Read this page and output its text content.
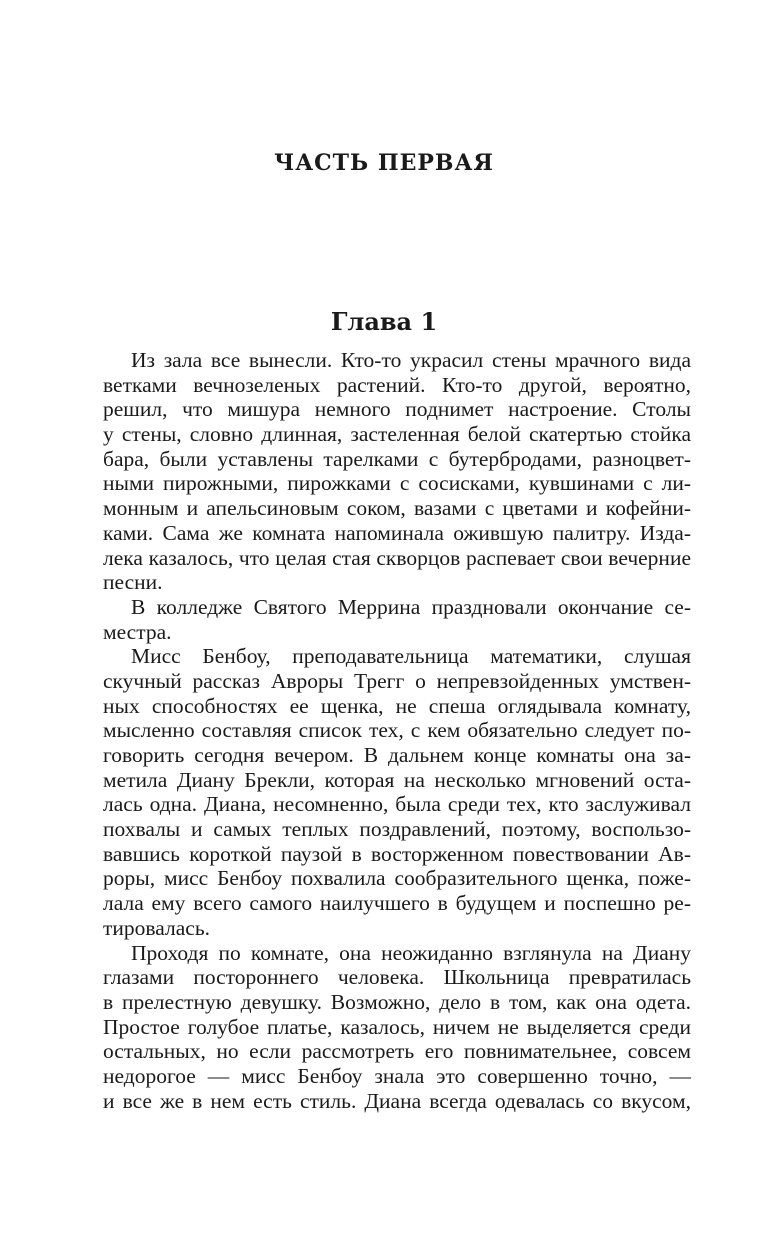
ЧАСТЬ ПЕРВАЯ
Глава 1
Из зала все вынесли. Кто-то украсил стены мрачного вида
ветками вечнозеленых растений. Кто-то другой, вероятно,
решил, что мишура немного поднимет настроение. Столы
у стены, словно длинная, застеленная белой скатертью стойка
бара, были уставлены тарелками с бутербродами, разноцвет-
ными пирожными, пирожками с сосисками, кувшинами с ли-
монным и апельсиновым соком, вазами с цветами и кофейни-
ками. Сама же комната напоминала ожившую палитру. Изда-
лека казалось, что целая стая скворцов распевает свои вечерние
песни.
В колледже Святого Меррина праздновали окончание се-
местра.
Мисс Бенбоу, преподавательница математики, слушая
скучный рассказ Авроры Трегг о непревзойденных умствен-
ных способностях ее щенка, не спеша оглядывала комнату,
мысленно составляя список тех, с кем обязательно следует по-
говорить сегодня вечером. В дальнем конце комнаты она за-
метила Диану Брекли, которая на несколько мгновений оста-
лась одна. Диана, несомненно, была среди тех, кто заслуживал
похвалы и самых теплых поздравлений, поэтому, воспользо-
вавшись короткой паузой в восторженном повествовании Ав-
роры, мисс Бенбоу похвалила сообразительного щенка, поже-
лала ему всего самого наилучшего в будущем и поспешно ре-
тировалась.
Проходя по комнате, она неожиданно взглянула на Диану
глазами постороннего человека. Школьница превратилась
в прелестную девушку. Возможно, дело в том, как она одета.
Простое голубое платье, казалось, ничем не выделяется среди
остальных, но если рассмотреть его повнимательнее, совсем
недорогое — мисс Бенбоу знала это совершенно точно, —
и все же в нем есть стиль. Диана всегда одевалась со вкусом,
